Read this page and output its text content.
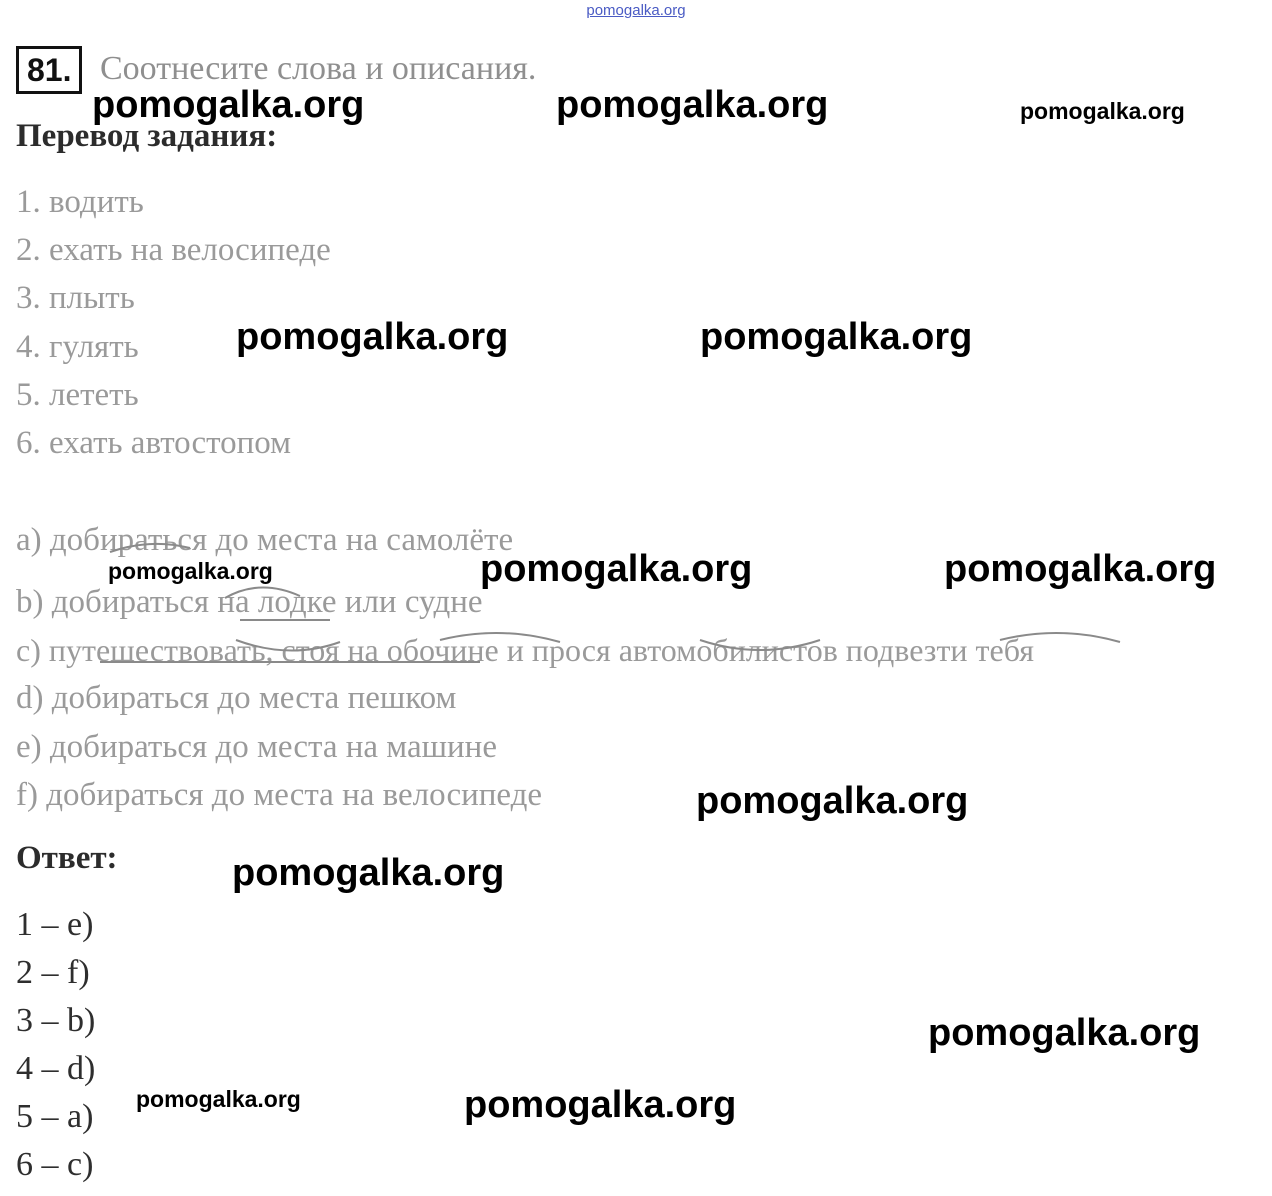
pomogalka.org
81. Соотнесите слова и описания.
Перевод задания:
1. водить
2. ехать на велосипеде
3. плыть
4. гулять
5. лететь
6. ехать автостопом
a) добираться до места на самолёте
b) добираться на лодке или судне
c) путешествовать, стоя на обочине и прося автомобилистов подвезти тебя
d) добираться до места пешком
e) добираться до места на машине
f) добираться до места на велосипеде
Ответ:
1 – e)
2 – f)
3 – b)
4 – d)
5 – a)
6 – c)
pomogalka.org	pomogalka.org	pomogalka.org
pomogalka.org	pomogalka.org
pomogalka.org	pomogalka.org	pomogalka.org
pomogalka.org
pomogalka.org
pomogalka.org
pomogalka.org	pomogalka.org
